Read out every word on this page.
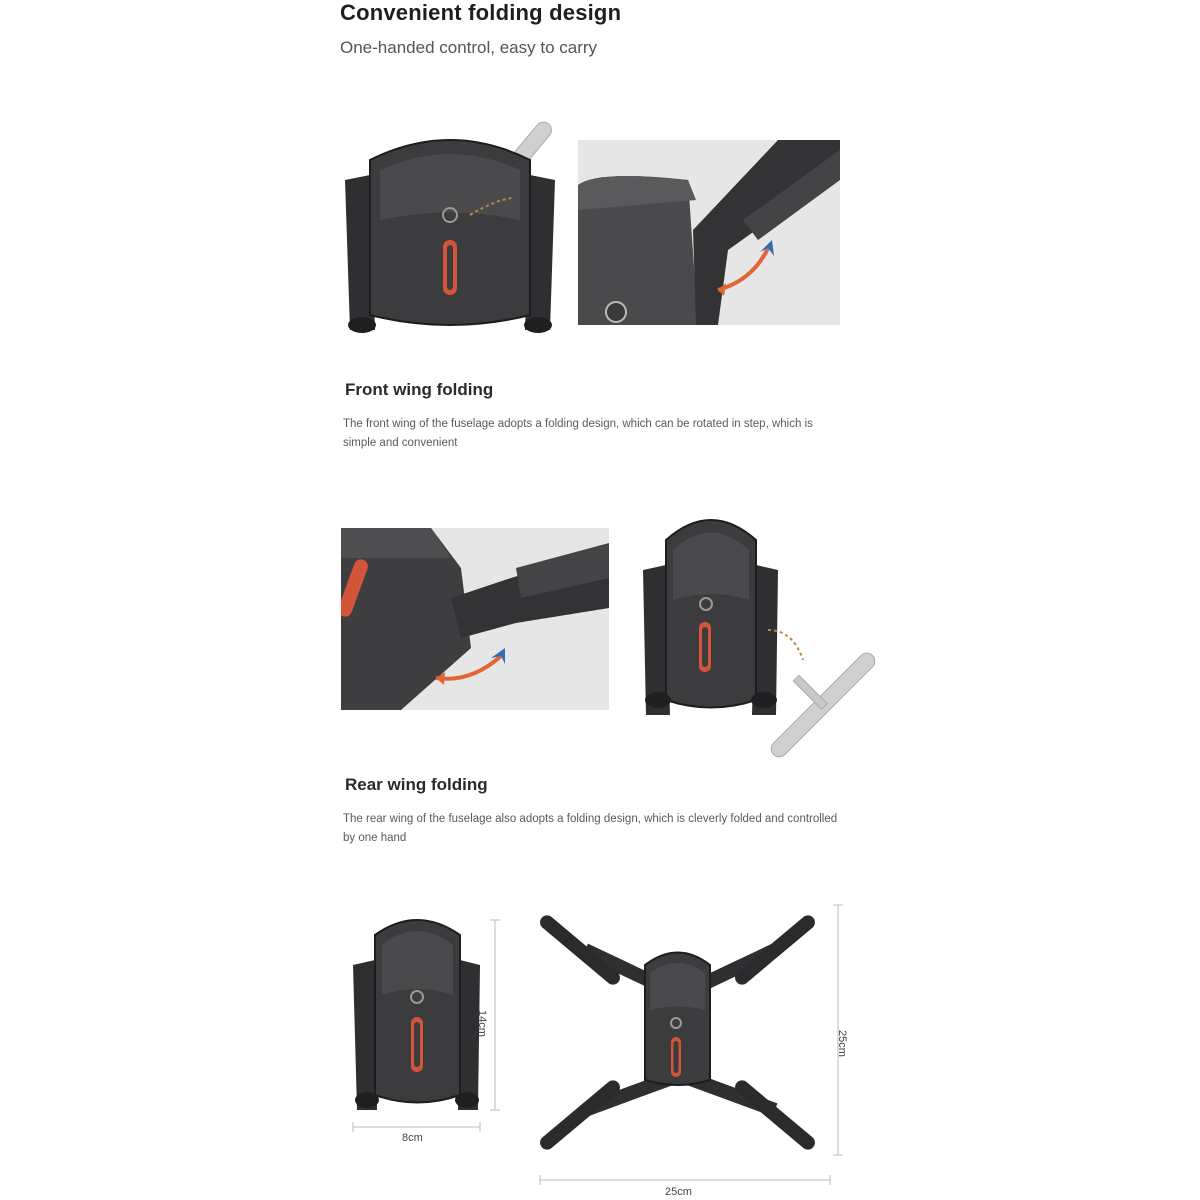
Convenient folding design
One-handed control, easy to carry
Front wing folding
The front wing of the fuselage adopts a folding design, which can be rotated in step, which is simple and convenient
Rear wing folding
The rear wing of the fuselage also adopts a folding design, which is cleverly folded and controlled by one hand
14cm
8cm
25cm
25cm
